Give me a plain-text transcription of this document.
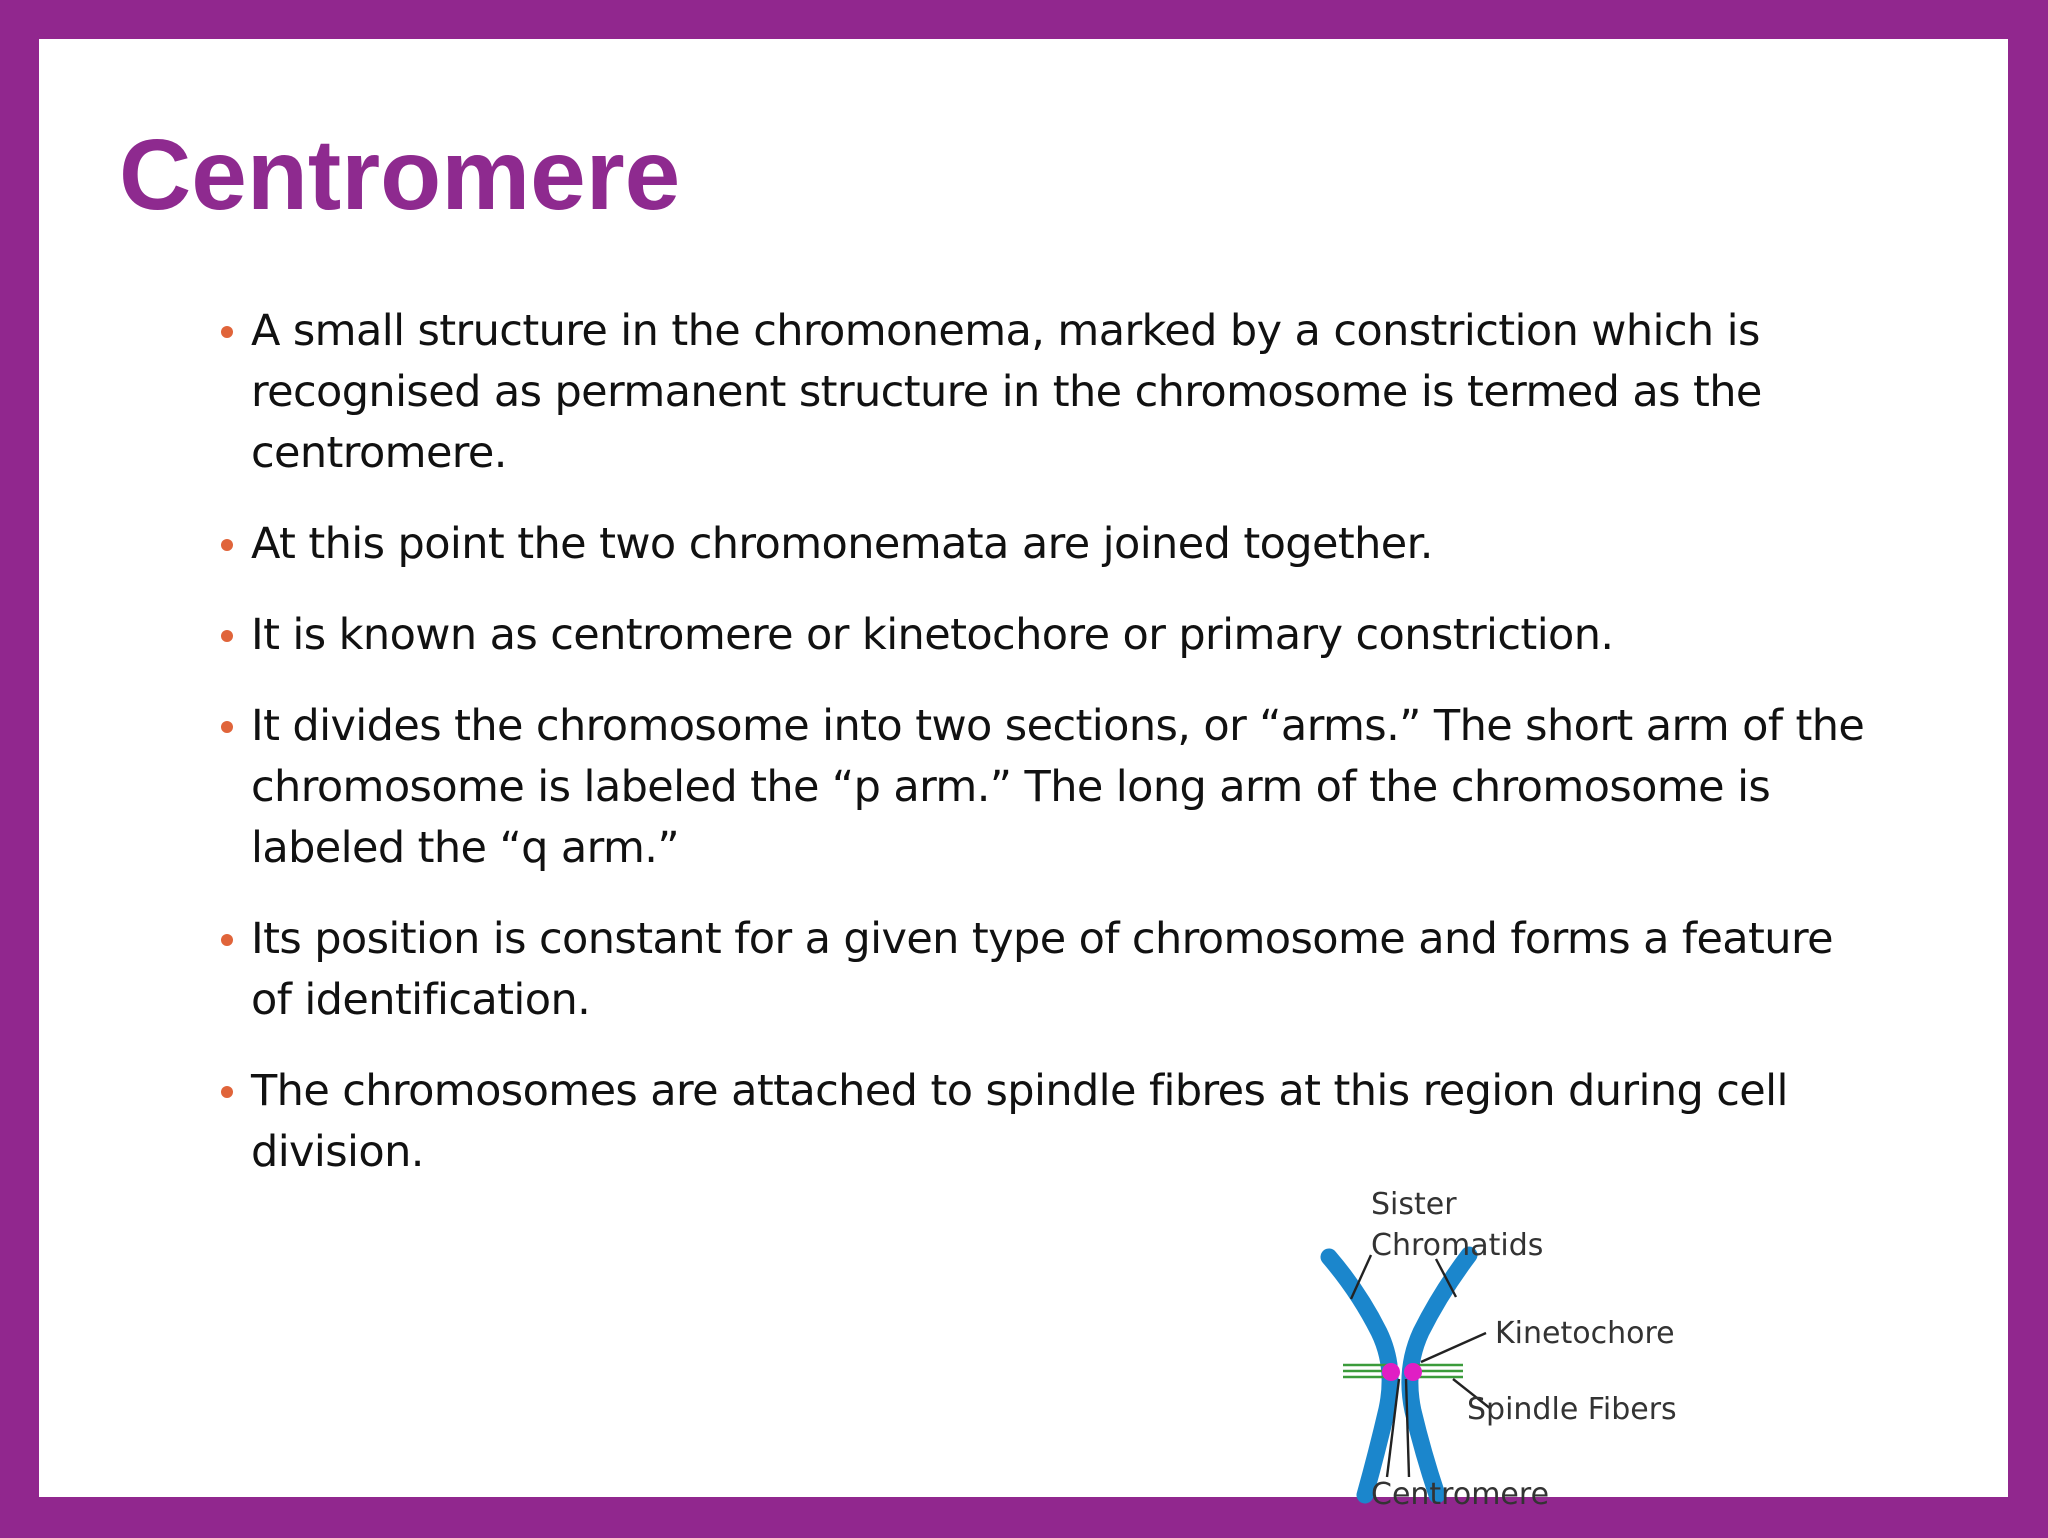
Centromere
A small structure in the chromonema, marked by a constriction which is recognised as permanent structure in the chromosome is termed as the centromere.
At this point the two chromonemata are joined together.
It is known as centromere or kinetochore or primary constriction.
It divides the chromosome into two sections, or “arms.” The short arm of the chromosome is labeled the “p arm.” The long arm of the chromosome is labeled the “q arm.”
Its position is constant for a given type of chromosome and forms a feature of identification.
The chromosomes are attached to spindle fibres at this region during cell division.
Sister
Chromatids
Kinetochore
Spindle Fibers
Centromere
